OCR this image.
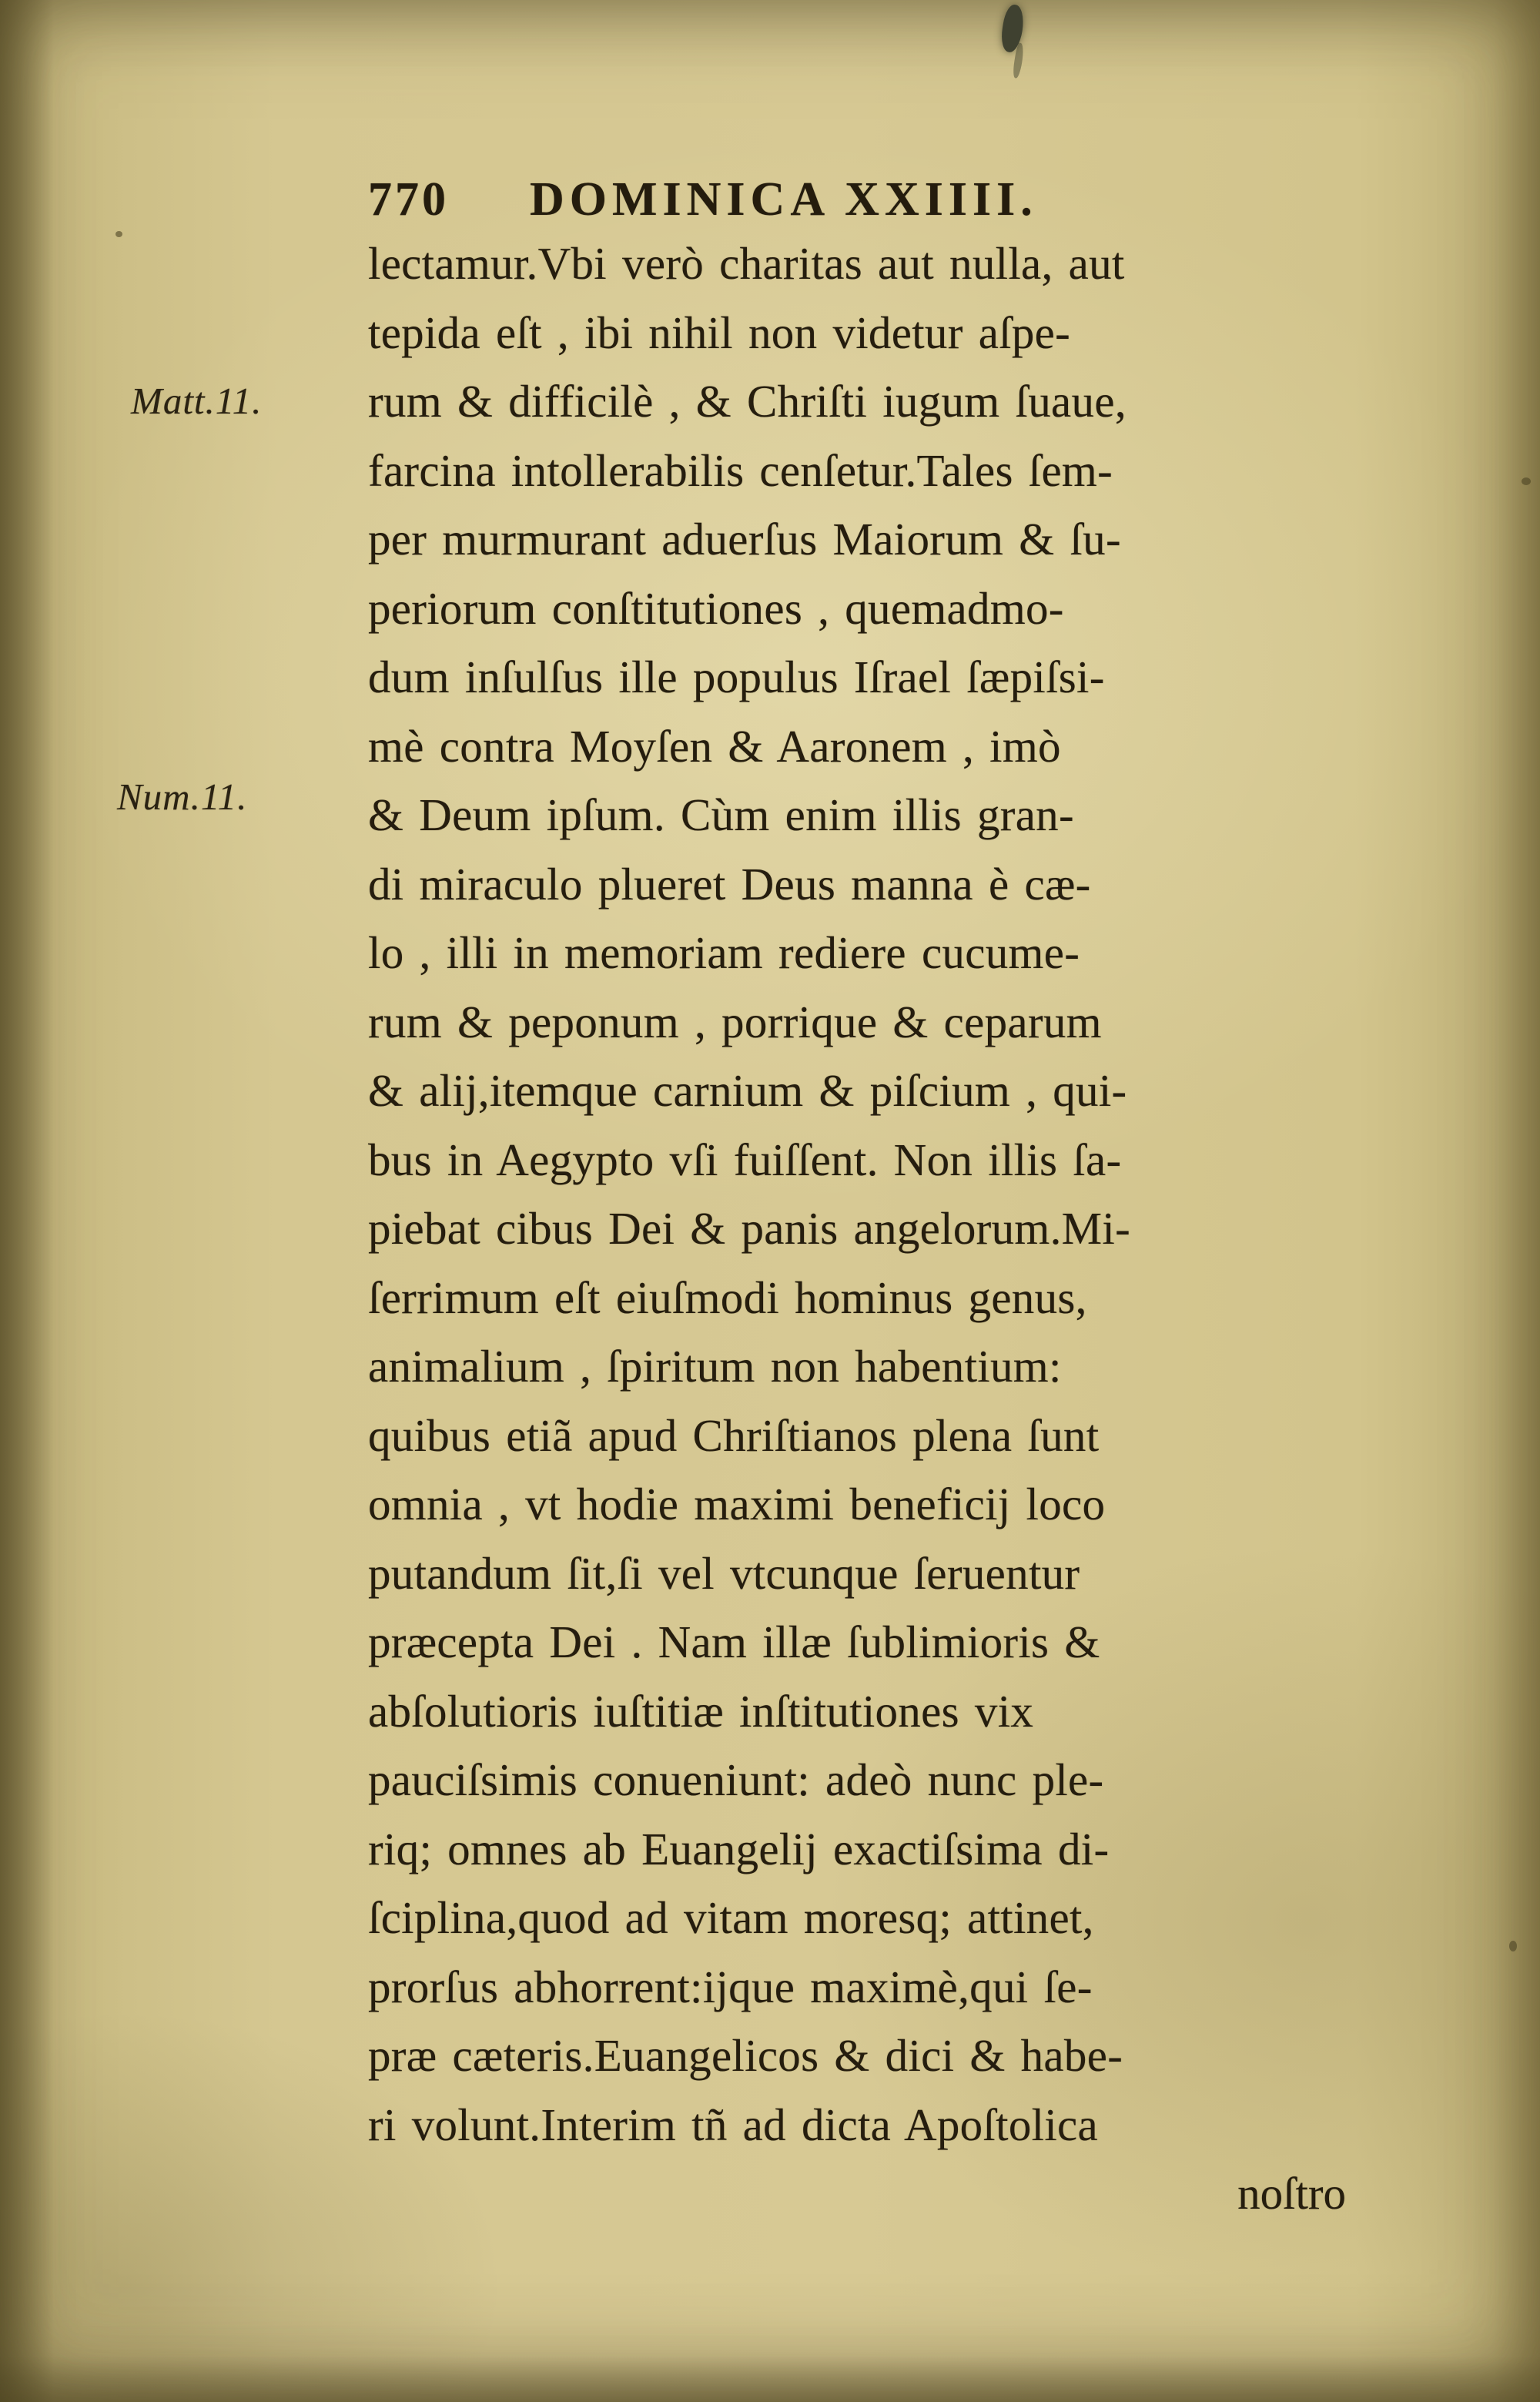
770 DOMINICA XXIIII.
Matt.11.
Num.11.
lectamur.Vbi verò charitas aut nulla, aut
tepida eſt , ibi nihil non videtur aſpe-
rum & difficilè , & Chriſti iugum ſuaue,
farcina intollerabilis cenſetur.Tales ſem-
per murmurant aduerſus Maiorum & ſu-
periorum conſtitutiones , quemadmo-
dum inſulſus ille populus Iſrael ſæpiſsi-
mè contra Moyſen & Aaronem , imò
& Deum ipſum. Cùm enim illis gran-
di miraculo plueret Deus manna è cæ-
lo , illi in memoriam rediere cucume-
rum & peponum , porrique & ceparum
& alij,itemque carnium & piſcium , qui-
bus in Aegypto vſi fuiſſent. Non illis ſa-
piebat cibus Dei & panis angelorum.Mi-
ſerrimum eſt eiuſmodi hominus genus,
animalium , ſpiritum non habentium:
quibus etiã apud Chriſtianos plena ſunt
omnia , vt hodie maximi beneficij loco
putandum ſit,ſi vel vtcunque ſeruentur
præcepta Dei . Nam illæ ſublimioris &
abſolutioris iuſtitiæ inſtitutiones vix
pauciſsimis conueniunt: adeò nunc ple-
riq; omnes ab Euangelij exactiſsima di-
ſciplina,quod ad vitam moresq; attinet,
prorſus abhorrent:ijque maximè,qui ſe-
præ cæteris.Euangelicos & dici & habe-
ri volunt.Interim tñ ad dicta Apoſtolica
noſtro
